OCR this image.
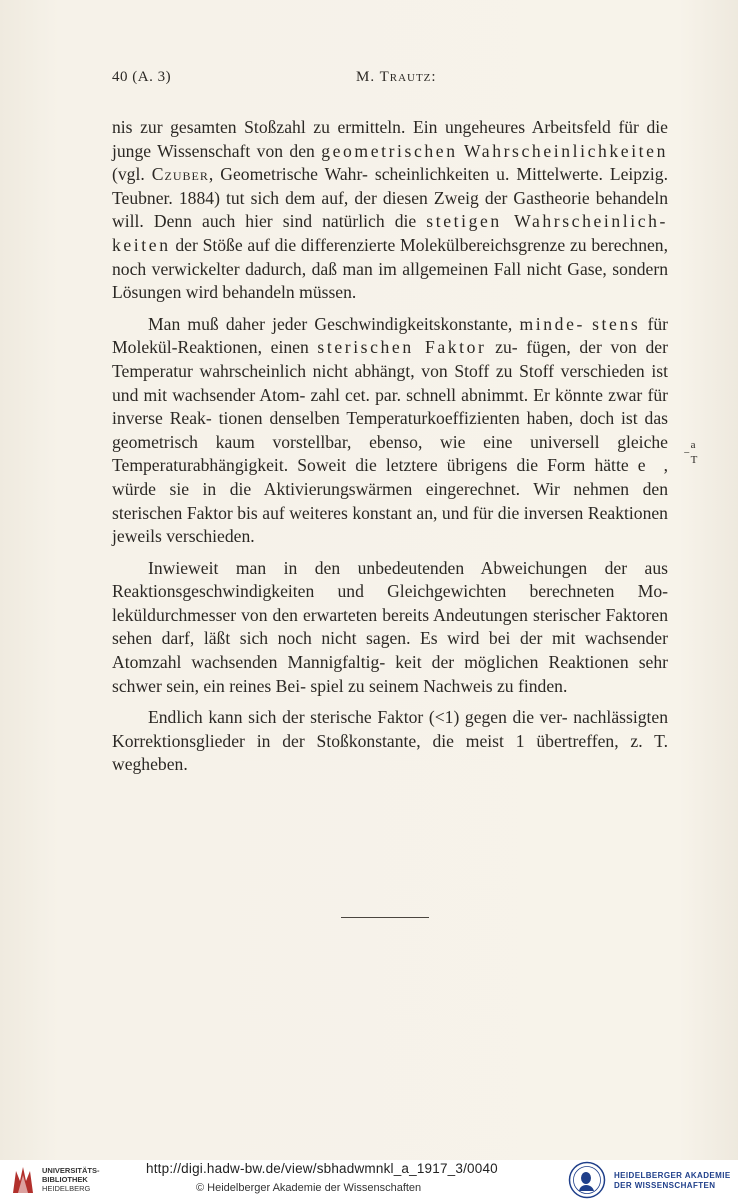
40 (A. 3)	M. Trautz:

nis zur gesamten Stoßzahl zu ermitteln. Ein ungeheures Arbeitsfeld für die junge Wissenschaft von den geometrischen Wahrscheinlichkeiten (vgl. Czuber, Geometrische Wahr- scheinlichkeiten u. Mittelwerte. Leipzig. Teubner. 1884) tut sich dem auf, der diesen Zweig der Gastheorie behandeln will. Denn auch hier sind natürlich die stetigen Wahrscheinlich- keiten der Stöße auf die differenzierte Molekülbereichsgrenze zu berechnen, noch verwickelter dadurch, daß man im allgemeinen Fall nicht Gase, sondern Lösungen wird behandeln müssen.

Man muß daher jeder Geschwindigkeitskonstante, minde- stens für Molekül-Reaktionen, einen sterischen Faktor zu- fügen, der von der Temperatur wahrscheinlich nicht abhängt, von Stoff zu Stoff verschieden ist und mit wachsender Atom- zahl cet. par. schnell abnimmt. Er könnte zwar für inverse Reak- tionen denselben Temperaturkoeffizienten haben, doch ist das geometrisch kaum vorstellbar, ebenso, wie eine universell gleiche Temperaturabhängigkeit. Soweit die letztere übrigens die Form hätte e
a
−
T
, würde sie in die Aktivierungswärmen eingerechnet. Wir nehmen den sterischen Faktor bis auf weiteres konstant an, und für die inversen Reaktionen jeweils verschieden.

Inwieweit man in den unbedeutenden Abweichungen der aus Reaktionsgeschwindigkeiten und Gleichgewichten berechneten Mo- leküldurchmesser von den erwarteten bereits Andeutungen sterischer Faktoren sehen darf, läßt sich noch nicht sagen. Es wird bei der mit wachsender Atomzahl wachsenden Mannigfaltig- keit der möglichen Reaktionen sehr schwer sein, ein reines Bei- spiel zu seinem Nachweis zu finden.

Endlich kann sich der sterische Faktor (<1) gegen die ver- nachlässigten Korrektionsglieder in der Stoßkonstante, die meist 1 übertreffen, z. T. wegheben.

UNIVERSITÄTS-
BIBLIOTHEK
HEIDELBERG
http://digi.hadw-bw.de/view/sbhadwmnkl_a_1917_3/0040
© Heidelberger Akademie der Wissenschaften
HEIDELBERGER AKADEMIE
DER WISSENSCHAFTEN
